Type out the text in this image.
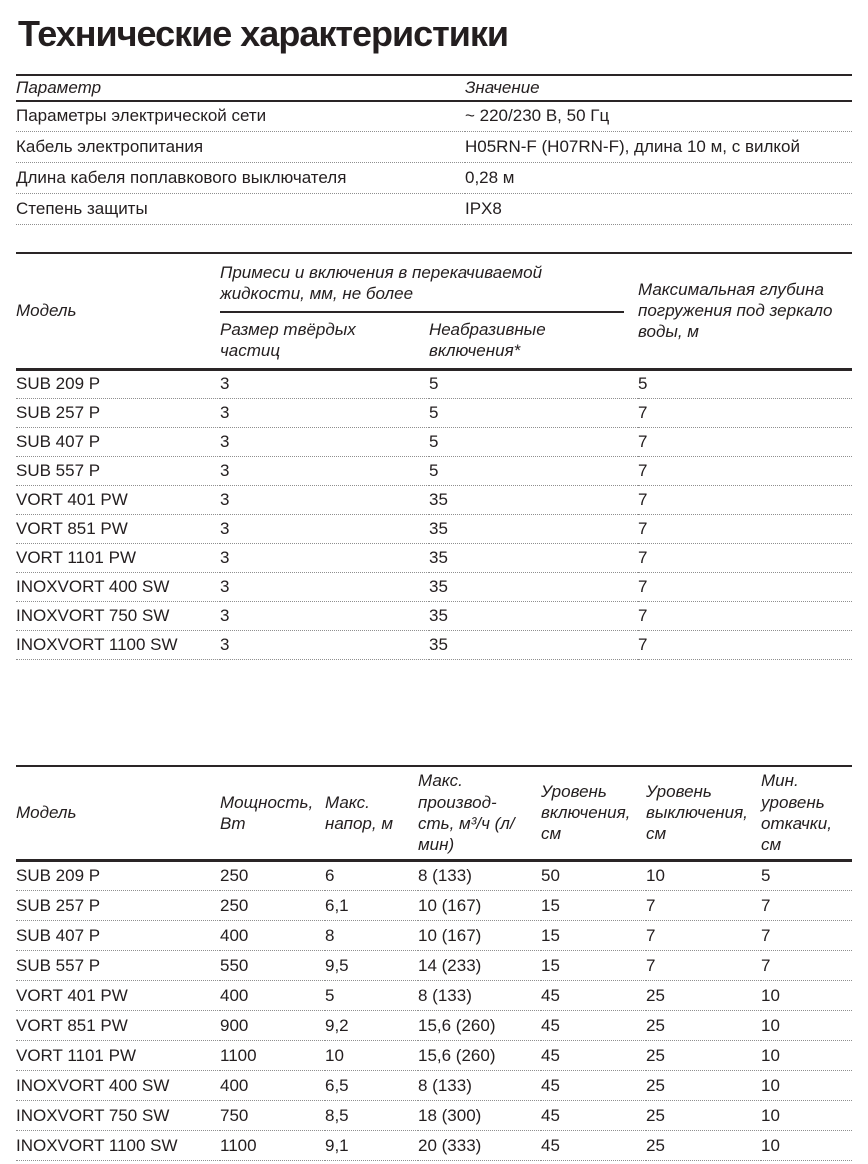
Технические характеристики
Параметр	Значение
Параметры электрической сети	~ 220/230 В, 50 Гц
Кабель электропитания	H05RN-F (H07RN-F), длина 10 м, с вилкой
Длина кабеля поплавкового выключателя	0,28 м
Степень защиты	IPX8
Модель	Примеси и включения в перекачиваемой жидкости, мм, не более		Максимальная глубина погружения под зеркало воды, м
	Размер твёрдых частиц	Неабразивные включения*	
SUB 209 P	3	5	5
SUB 257 P	3	5	7
SUB 407 P	3	5	7
SUB 557 P	3	5	7
VORT 401 PW	3	35	7
VORT 851 PW	3	35	7
VORT 1101 PW	3	35	7
INOXVORT 400 SW	3	35	7
INOXVORT 750 SW	3	35	7
INOXVORT 1100 SW	3	35	7
Модель	Мощность, Вт	Макс. напор, м	Макс. производ-сть, м³/ч (л/мин)	Уровень включения, см	Уровень выключения, см	Мин. уровень откачки, см
SUB 209 P	250	6	8 (133)	50	10	5
SUB 257 P	250	6,1	10 (167)	15	7	7
SUB 407 P	400	8	10 (167)	15	7	7
SUB 557 P	550	9,5	14 (233)	15	7	7
VORT 401 PW	400	5	8 (133)	45	25	10
VORT 851 PW	900	9,2	15,6 (260)	45	25	10
VORT 1101 PW	1100	10	15,6 (260)	45	25	10
INOXVORT 400 SW	400	6,5	8 (133)	45	25	10
INOXVORT 750 SW	750	8,5	18 (300)	45	25	10
INOXVORT 1100 SW	1100	9,1	20 (333)	45	25	10
